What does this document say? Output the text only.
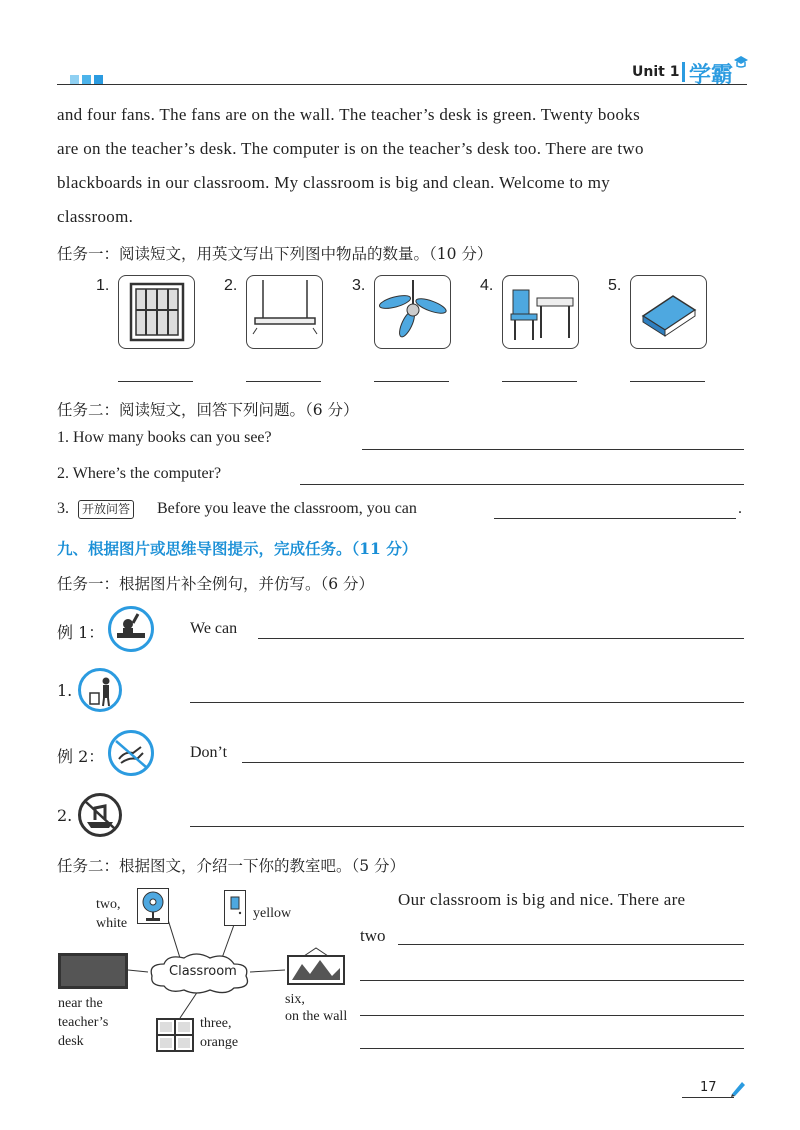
Unit 1 学霸
and four fans. The fans are on the wall. The teacher’s desk is green. Twenty books
are on the teacher’s desk. The computer is on the teacher’s desk too. There are two
blackboards in our classroom. My classroom is big and clean. Welcome to my
classroom.
任务一：阅读短文，用英文写出下列图中物品的数量。（10 分）
1.	2.	3.	4.	5.
任务二：阅读短文，回答下列问题。（6 分）
1. How many books can you see?
2. Where’s the computer?
3.	开放问答 Before you leave the classroom, you can	.
九、根据图片或思维导图提示，完成任务。（11 分）
任务一：根据图片补全例句，并仿写。（6 分）
例 1：	We can
1.
例 2：	Don’t
2.
任务二：根据图文，介绍一下你的教室吧。（5 分）
two,
white
yellow
near the
teacher’s
desk
Classroom
six,
on the wall
three,
orange
Our classroom is big and nice. There are
two
17
